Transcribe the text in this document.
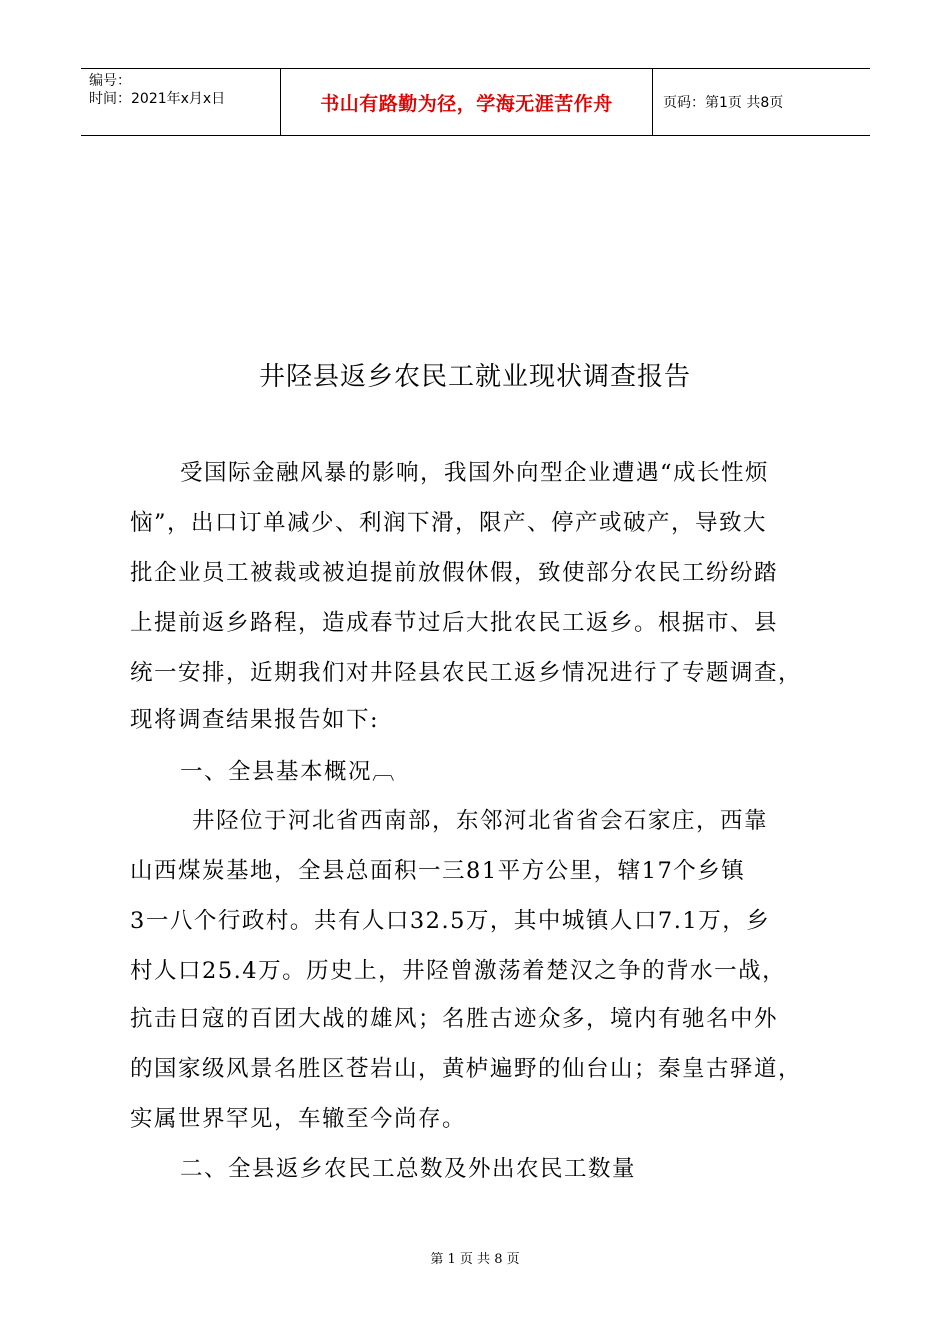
编号：
时间：2021年x月x日	书山有路勤为径，学海无涯苦作舟	页码：第1页 共8页
井陉县返乡农民工就业现状调查报告
受国际金融风暴的影响，我国外向型企业遭遇“成长性烦
恼”，出口订单减少、利润下滑，限产、停产或破产，导致大
批企业员工被裁或被迫提前放假休假，致使部分农民工纷纷踏
上提前返乡路程，造成春节过后大批农民工返乡。根据市、县
统一安排，近期我们对井陉县农民工返乡情况进行了专题调查，
现将调查结果报告如下:
一、全县基本概况︹
井陉位于河北省西南部，东邻河北省省会石家庄，西靠
山西煤炭基地，全县总面积一三81平方公里，辖17个乡镇
3一八个行政村。共有人口32.5万，其中城镇人口7.1万，乡
村人口25.4万。历史上，井陉曾激荡着楚汉之争的背水一战，
抗击日寇的百团大战的雄风；名胜古迹众多，境内有驰名中外
的国家级风景名胜区苍岩山，黄栌遍野的仙台山；秦皇古驿道，
实属世界罕见，车辙至今尚存。
二、全县返乡农民工总数及外出农民工数量
第 1 页 共 8 页
